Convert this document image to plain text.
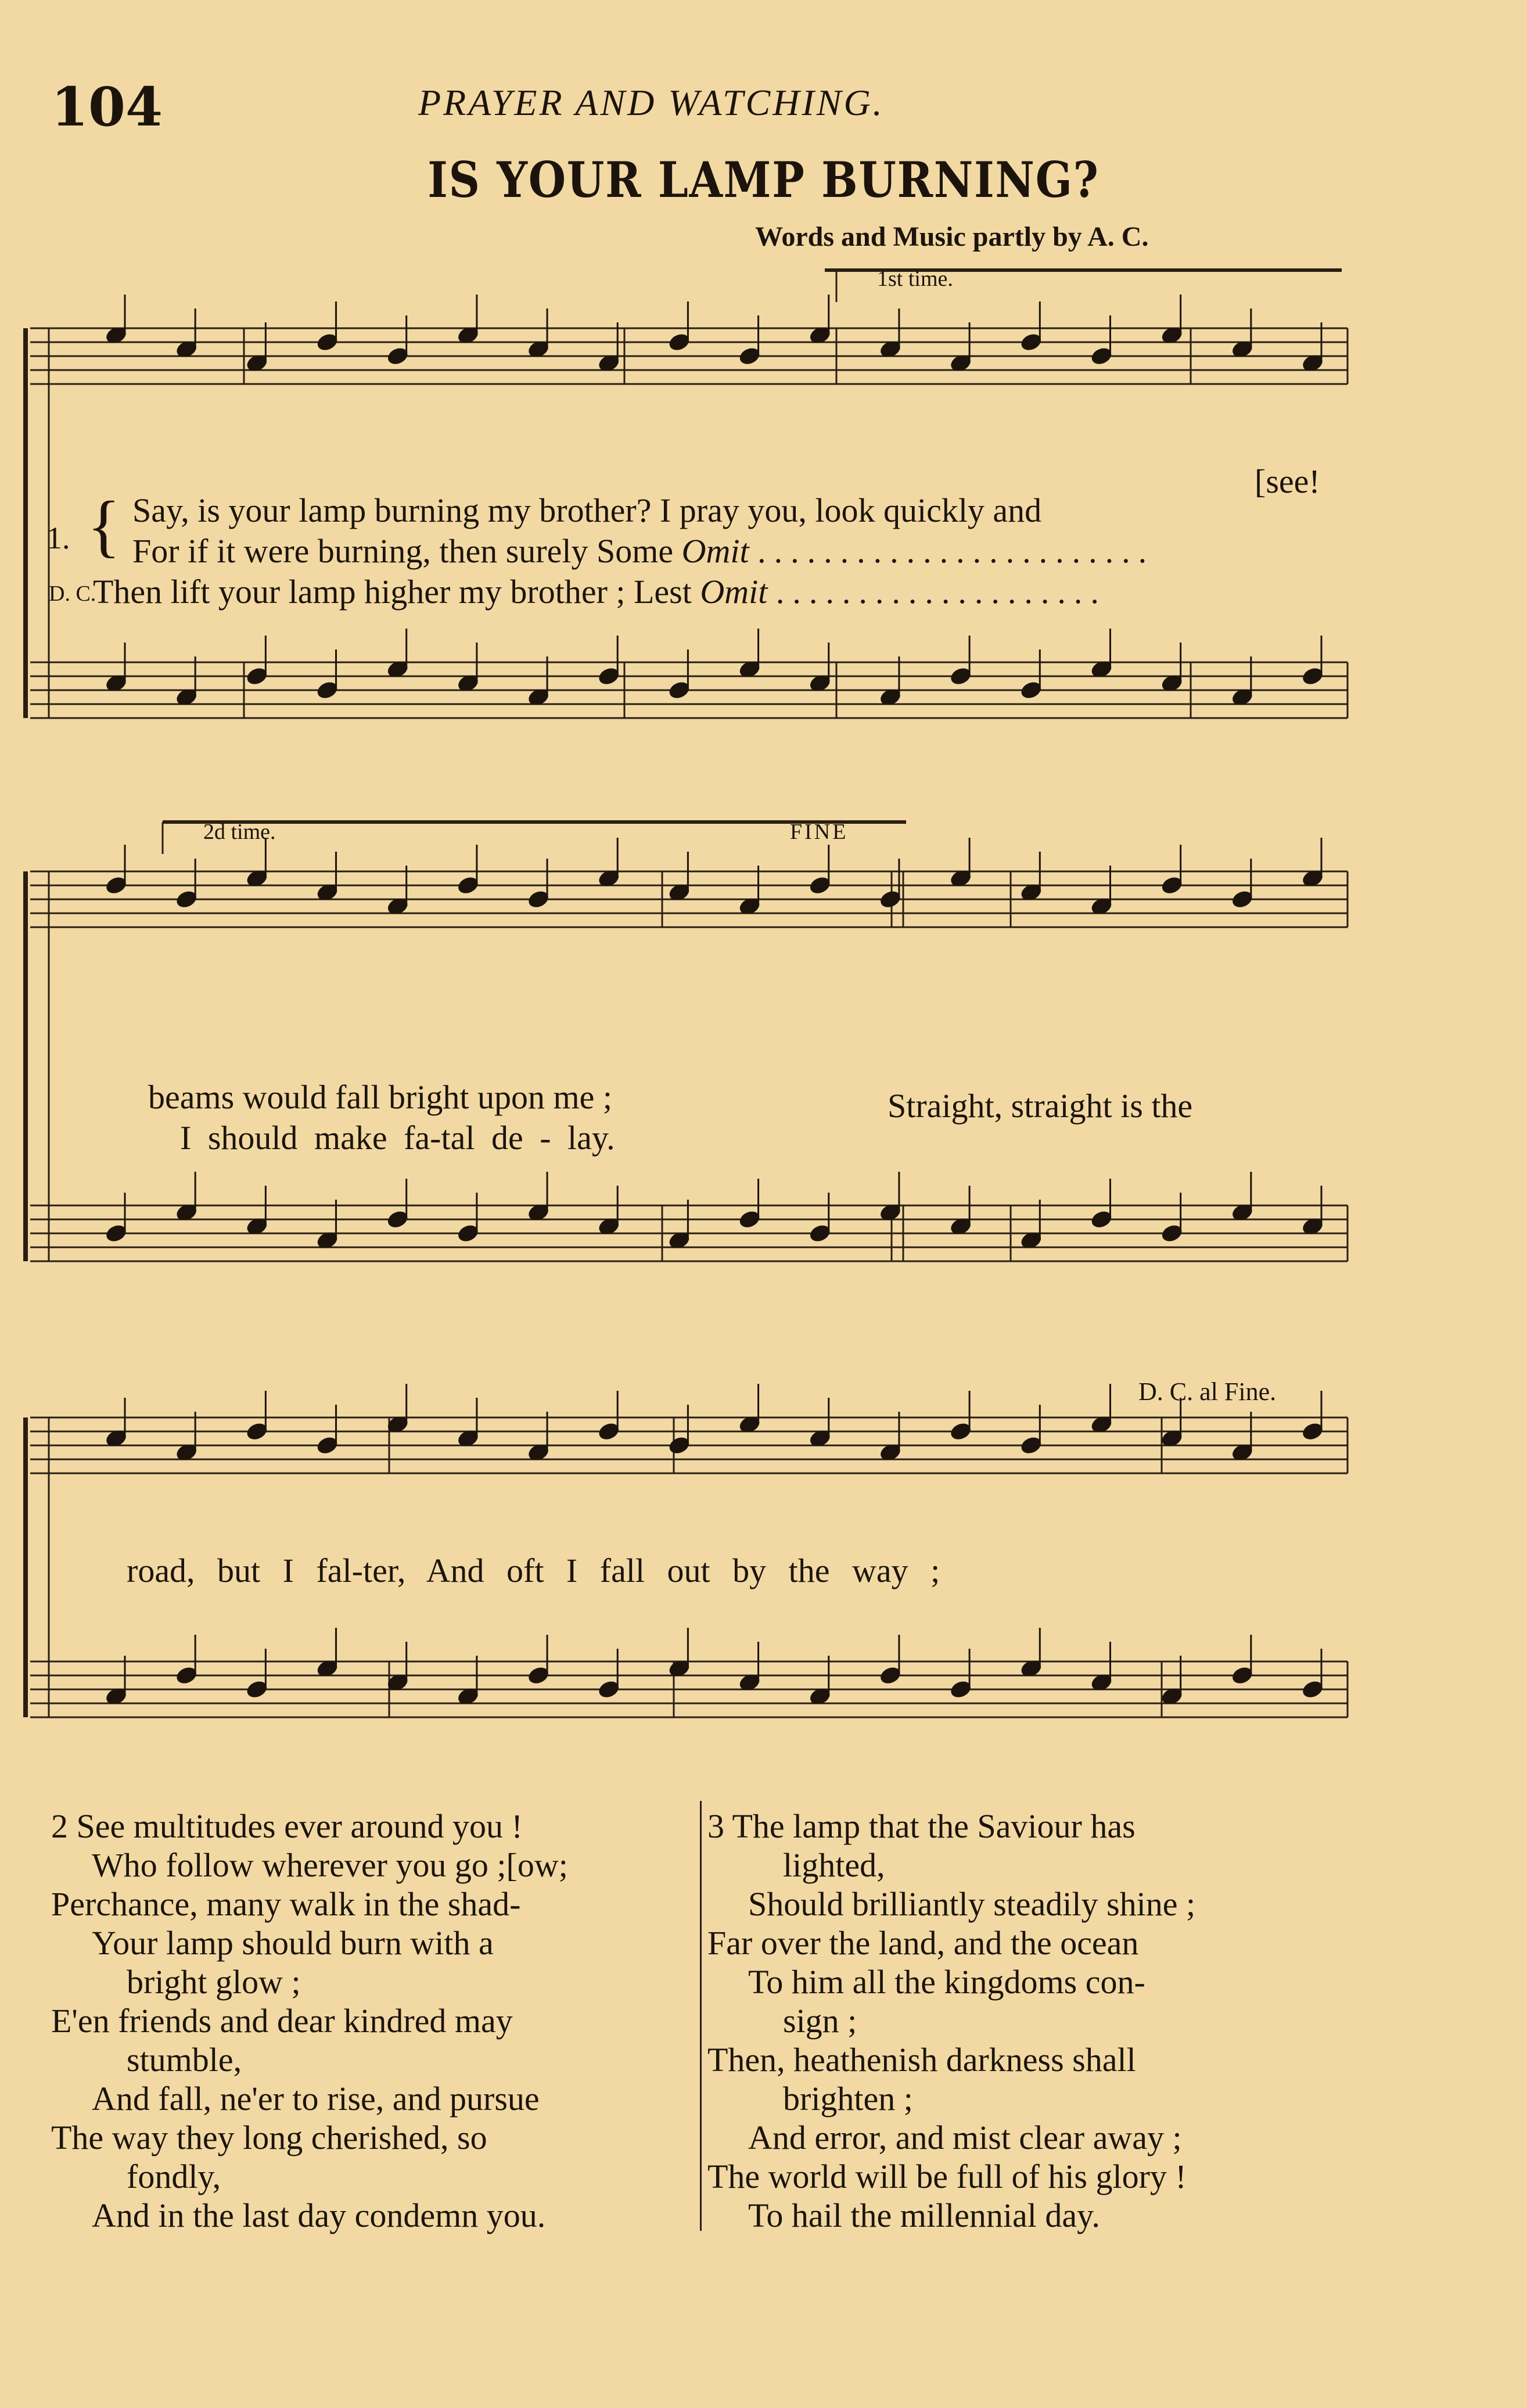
104	PRAYER AND WATCHING.
IS YOUR LAMP BURNING?
Words and Music partly by A. C.
1st time.
2d time.	FINE
D. C. al Fine.
[see!
1. { Say, is your lamp burning my brother? I pray you, look quickly and
For if it were burning, then surely Some Omit ........................
D. C.
Then lift your lamp higher my brother ; Lest Omit ....................
beams would fall bright upon me ;
I should make fa-tal de - lay.
Straight, straight is the
road, but I fal-ter, And oft I fall out by the way ;
2 See multitudes ever around you !
Who follow wherever you go ;[ow;
Perchance, many walk in the shad-
Your lamp should burn with a
bright glow ;
E'en friends and dear kindred may
stumble,
And fall, ne'er to rise, and pursue
The way they long cherished, so
fondly,
And in the last day condemn you.
3 The lamp that the Saviour has
lighted,
Should brilliantly steadily shine ;
Far over the land, and the ocean
To him all the kingdoms con-
sign ;
Then, heathenish darkness shall
brighten ;
And error, and mist clear away ;
The world will be full of his glory !
To hail the millennial day.
